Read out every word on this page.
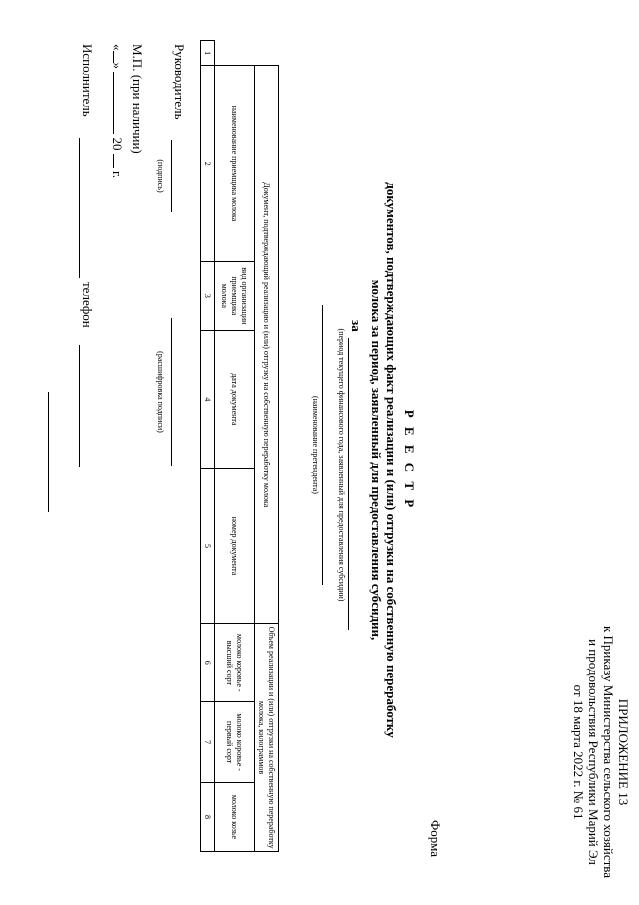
ПРИЛОЖЕНИЕ 13
к Приказу Министерства сельского хозяйства
и продовольствия Республики Марий Эл
от 18 марта 2022 г. № 61
Форма
Р Е Е С Т Р
документов, подтверждающих факт реализации и (или) отгрузки на собственную переработку
молока за период, заявленный для предоставления субсидии,
за
(период текущего финансового года, заявленный для предоставления субсидии)
(наименование претендента)
	Документ, подтверждающий реализацию и (или) отгрузку на собственную переработку молока				Объем реализации и (или) отгрузки на собственную переработку молока, килограммов		
	наименование приемщика молока	вид организации приемщика молока	дата документа	номер документа	молоко коровье - высший сорт	молоко коровье - первый сорт	молоко козье
1	2	3	4	5	6	7	8
Руководитель
(подпись)
(расшифровка подписи)
М.П. (при наличии)
«»  20  г.
Исполнитель
телефон
